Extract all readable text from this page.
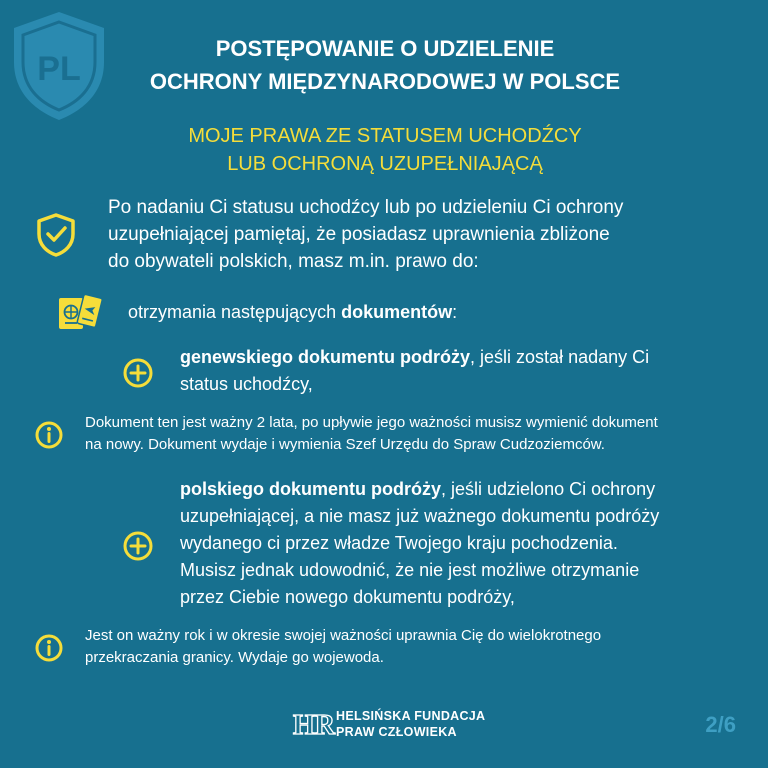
PL
POSTĘPOWANIE O UDZIELENIE
OCHRONY MIĘDZYNARODOWEJ W POLSCE
MOJE PRAWA ZE STATUSEM UCHODŹCY
LUB OCHRONĄ UZUPEŁNIAJĄCĄ
Po nadaniu Ci statusu uchodźcy lub po udzieleniu Ci ochrony
uzupełniającej pamiętaj, że posiadasz uprawnienia zbliżone
do obywateli polskich, masz m.in. prawo do:
otrzymania następujących dokumentów:
genewskiego dokumentu podróży, jeśli został nadany Ci
status uchodźcy,
Dokument ten jest ważny 2 lata, po upływie jego ważności musisz wymienić dokument
na nowy. Dokument wydaje i wymienia Szef Urzędu do Spraw Cudzoziemców.
polskiego dokumentu podróży, jeśli udzielono Ci ochrony
uzupełniającej, a nie masz już ważnego dokumentu podróży
wydanego ci przez władze Twojego kraju pochodzenia.
Musisz jednak udowodnić, że nie jest możliwe otrzymanie
przez Ciebie nowego dokumentu podróży,
Jest on ważny rok i w okresie swojej ważności uprawnia Cię do wielokrotnego
przekraczania granicy. Wydaje go wojewoda.
HR HELSIŃSKA FUNDACJA
PRAW CZŁOWIEKA	2/6
